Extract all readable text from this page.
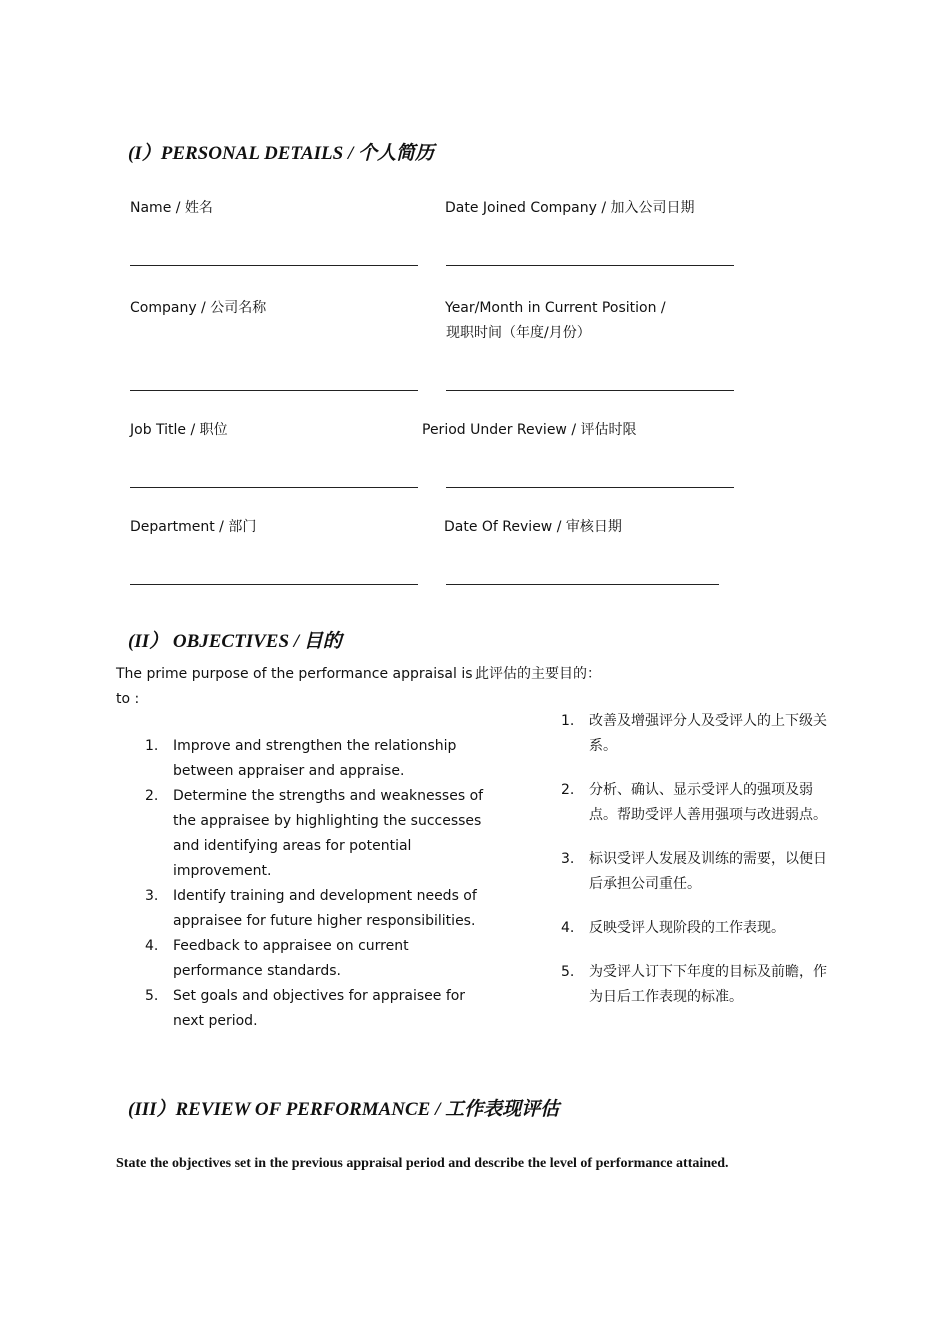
(I）PERSONAL DETAILS / 个人简历
Name / 姓名	Date Joined Company / 加入公司日期
Company / 公司名称	Year/Month in Current Position /
现职时间（年度/月份）
Job Title / 职位	Period Under Review / 评估时限
Department / 部门	Date Of Review / 审核日期
(II） OBJECTIVES / 目的
The prime purpose of the performance appraisal is
to :
此评估的主要目的：
1. Improve and strengthen the relationship
between appraiser and appraise.
2. Determine the strengths and weaknesses of
the appraisee by highlighting the successes
and identifying areas for potential
improvement.
3. Identify training and development needs of
appraisee for future higher responsibilities.
4. Feedback to appraisee on current
performance standards.
5. Set goals and objectives for appraisee for
next period.
1. 改善及增强评分人及受评人的上下级关
系。
2. 分析、确认、显示受评人的强项及弱
点。帮助受评人善用强项与改进弱点。
3. 标识受评人发展及训练的需要，以便日
后承担公司重任。
4. 反映受评人现阶段的工作表现。
5. 为受评人订下下年度的目标及前瞻，作
为日后工作表现的标准。
(III）REVIEW OF PERFORMANCE / 工作表现评估
State the objectives set in the previous appraisal period and describe the level of performance attained.
